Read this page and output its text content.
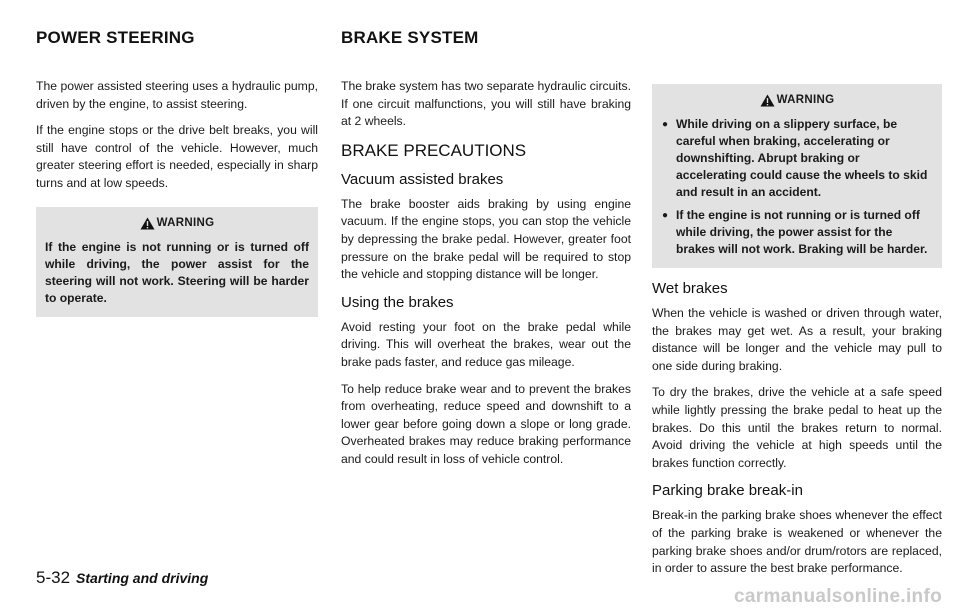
POWER STEERING	BRAKE SYSTEM

The power assisted steering uses a hydraulic pump, driven by the engine, to assist steering.

If the engine stops or the drive belt breaks, you will still have control of the vehicle. However, much greater steering effort is needed, especially in sharp turns and at low speeds.

WARNING
If the engine is not running or is turned off while driving, the power assist for the steering will not work. Steering will be harder to operate.

The brake system has two separate hydraulic circuits. If one circuit malfunctions, you will still have braking at 2 wheels.

BRAKE PRECAUTIONS
Vacuum assisted brakes

The brake booster aids braking by using engine vacuum. If the engine stops, you can stop the vehicle by depressing the brake pedal. However, greater foot pressure on the brake pedal will be required to stop the vehicle and stopping distance will be longer.

Using the brakes

Avoid resting your foot on the brake pedal while driving. This will overheat the brakes, wear out the brake pads faster, and reduce gas mileage.

To help reduce brake wear and to prevent the brakes from overheating, reduce speed and downshift to a lower gear before going down a slope or long grade. Overheated brakes may reduce braking performance and could result in loss of vehicle control.

WARNING
● While driving on a slippery surface, be careful when braking, accelerating or downshifting. Abrupt braking or accelerating could cause the wheels to skid and result in an accident.
● If the engine is not running or is turned off while driving, the power assist for the brakes will not work. Braking will be harder.
Wet brakes

When the vehicle is washed or driven through water, the brakes may get wet. As a result, your braking distance will be longer and the vehicle may pull to one side during braking.

To dry the brakes, drive the vehicle at a safe speed while lightly pressing the brake pedal to heat up the brakes. Do this until the brakes return to normal. Avoid driving the vehicle at high speeds until the brakes function correctly.

Parking brake break-in

Break-in the parking brake shoes whenever the effect of the parking brake is weakened or whenever the parking brake shoes and/or drum/rotors are replaced, in order to assure the best brake performance.

5-32 Starting and driving
carmanualsonline.info
